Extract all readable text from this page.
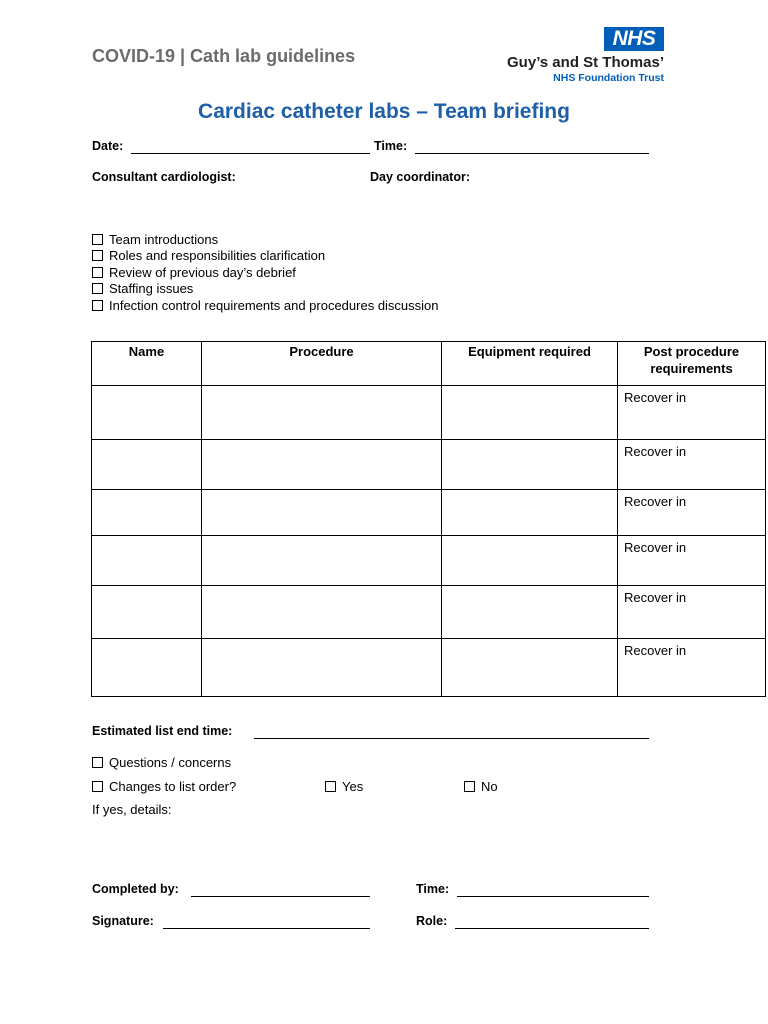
COVID-19 | Cath lab guidelines
NHS
Guy’s and St Thomas’
NHS Foundation Trust
Cardiac catheter labs – Team briefing
Date:	Time:
Consultant cardiologist:	Day coordinator:
Team introductions
Roles and responsibilities clarification
Review of previous day’s debrief
Staffing issues
Infection control requirements and procedures discussion
Name	Procedure	Equipment required	Post procedure requirements
			Recover in
			Recover in
			Recover in
			Recover in
			Recover in
			Recover in
Estimated list end time:
Questions / concerns
Changes to list order?	Yes	No
If yes, details:
Completed by:	Time:
Signature:	Role:
